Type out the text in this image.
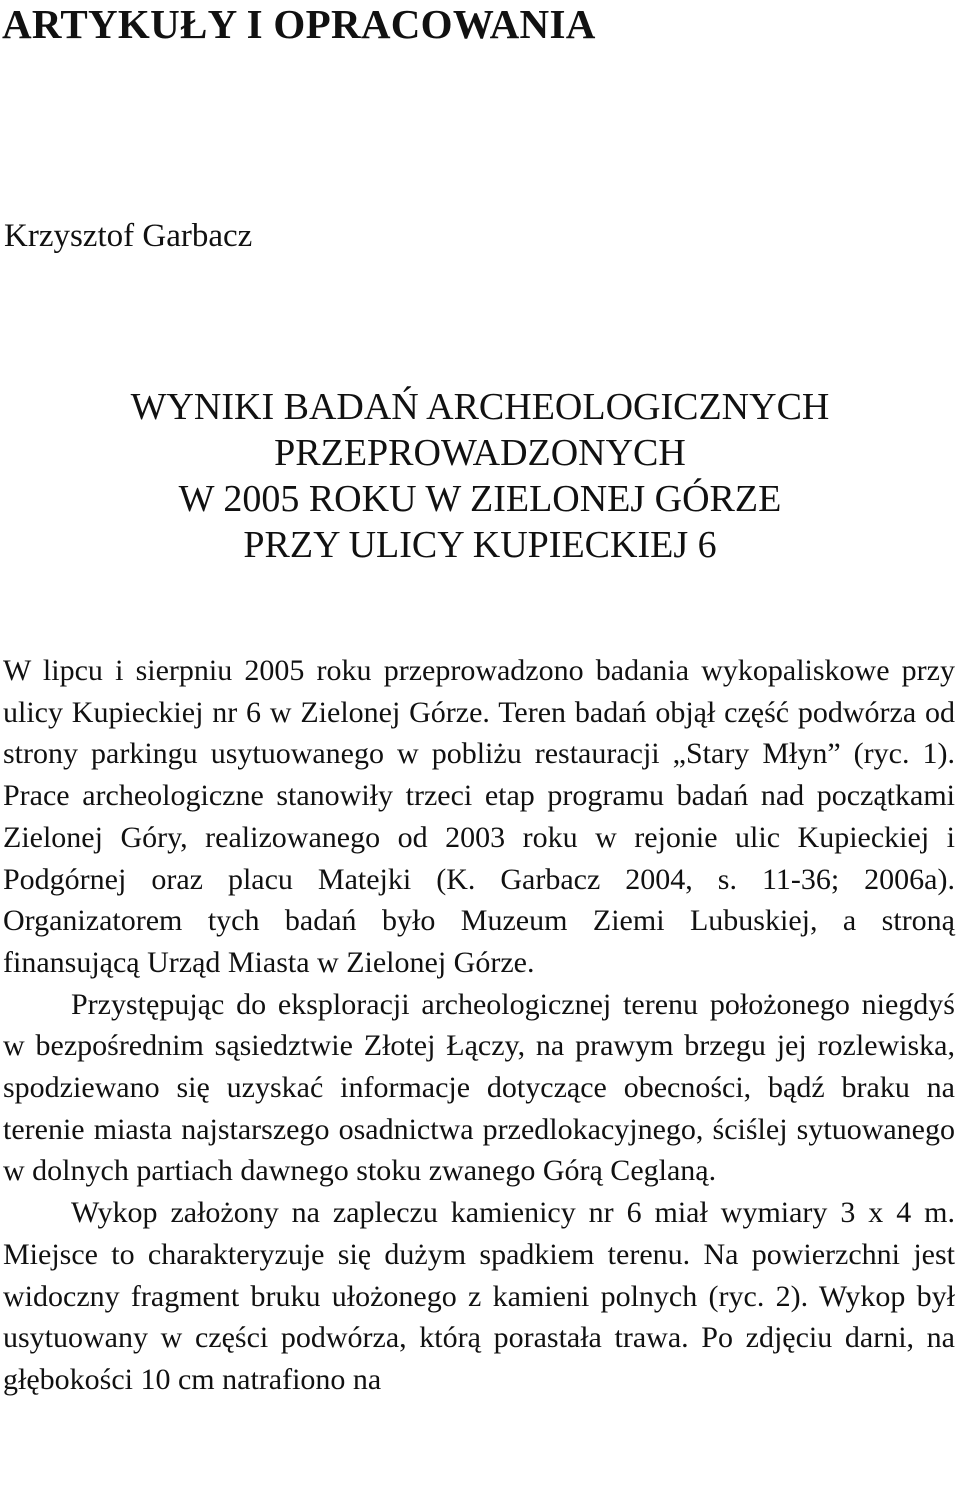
ARTYKUŁY I OPRACOWANIA
Krzysztof Garbacz
WYNIKI BADAŃ ARCHEOLOGICZNYCH
PRZEPROWADZONYCH
W 2005 ROKU W ZIELONEJ GÓRZE
PRZY ULICY KUPIECKIEJ 6

W lipcu i sierpniu 2005 roku przeprowadzono badania wykopaliskowe przy ulicy Kupieckiej nr 6 w Zielonej Górze. Teren badań objął część podwórza od strony parkingu usytuowanego w pobliżu restauracji „Stary Młyn” (ryc. 1). Prace archeologiczne stanowiły trzeci etap programu badań nad początkami Zielonej Góry, realizowanego od 2003 roku w rejonie ulic Kupieckiej i Podgórnej oraz placu Matejki (K. Garbacz 2004, s. 11-36; 2006a). Organizatorem tych badań było Muzeum Ziemi Lubuskiej, a stroną finansującą Urząd Miasta w Zielonej Górze.

Przystępując do eksploracji archeologicznej terenu położonego niegdyś w bezpośrednim sąsiedztwie Złotej Łączy, na prawym brzegu jej rozlewiska, spodziewano się uzyskać informacje dotyczące obecności, bądź braku na terenie miasta najstarszego osadnictwa przedlokacyjnego, ściślej sytuowanego w dolnych partiach dawnego stoku zwanego Górą Ceglaną.

Wykop założony na zapleczu kamienicy nr 6 miał wymiary 3 x 4 m. Miejsce to charakteryzuje się dużym spadkiem terenu. Na powierzchni jest widoczny fragment bruku ułożonego z kamieni polnych (ryc. 2). Wykop był usytuowany w części podwórza, którą porastała trawa. Po zdjęciu darni, na głębokości 10 cm natrafiono na
